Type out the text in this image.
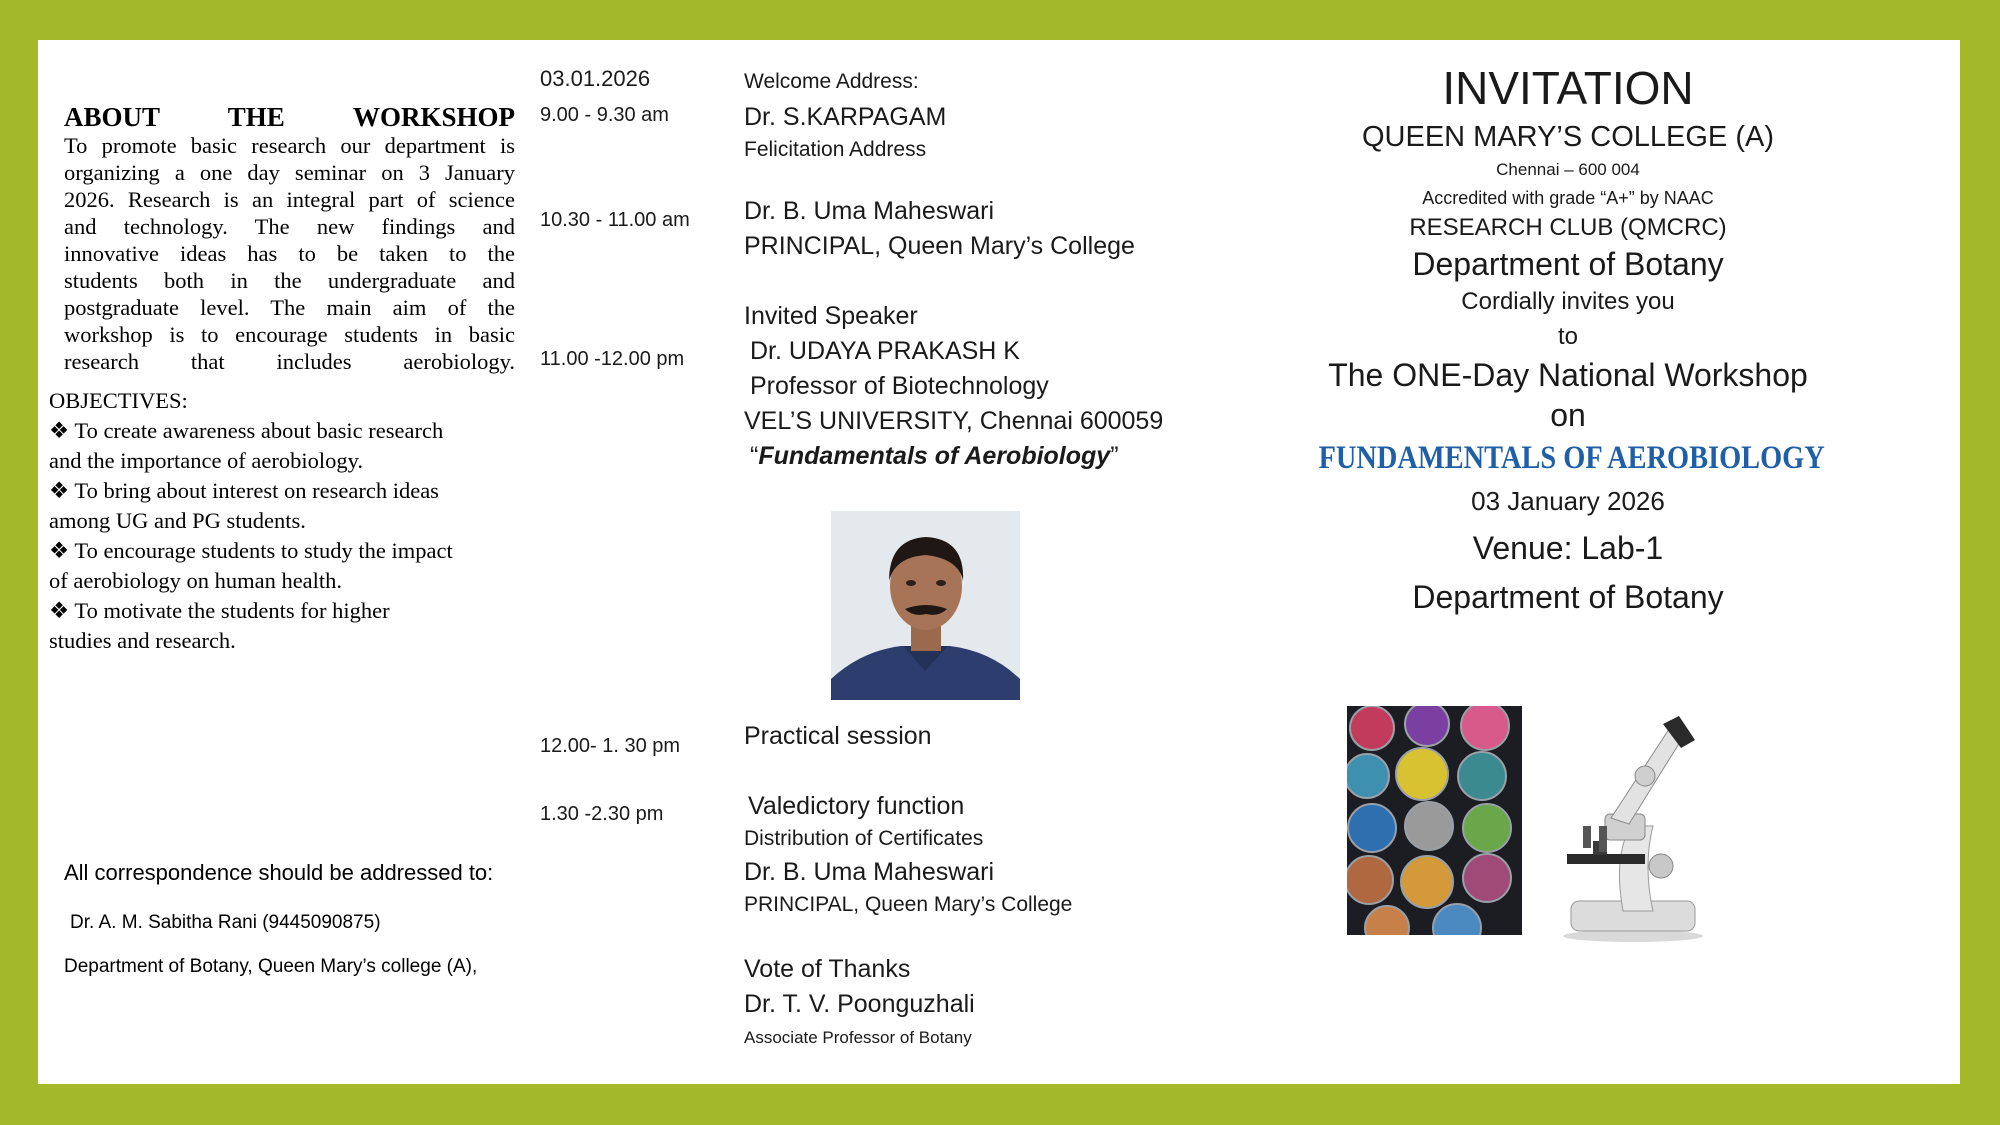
ABOUT THE WORKSHOP

To promote basic research our department is

organizing a one day seminar on 3 January

2026. Research is an integral part of science

and technology. The new findings and

innovative ideas has to be taken to the

students both in the undergraduate and

postgraduate level. The main aim of the

workshop is to encourage students in basic

research that includes aerobiology.

OBJECTIVES:

❖ To create awareness about basic research

and the importance of aerobiology.

❖ To bring about interest on research ideas

among UG and PG students.

❖ To encourage students to study the impact

of aerobiology on human health.

❖ To motivate the students for higher

studies and research.

All correspondence should be addressed to:
Dr. A. M. Sabitha Rani (9445090875)
Department of Botany, Queen Mary’s college (A),
03.01.2026
9.00 - 9.30 am
10.30 - 11.00 am
11.00 -12.00 pm
12.00- 1. 30 pm
1.30 -2.30 pm
Welcome Address:
Dr. S.KARPAGAM
Felicitation Address
Dr. B. Uma Maheswari
PRINCIPAL, Queen Mary’s College
Invited Speaker
Dr. UDAYA PRAKASH K
Professor of Biotechnology
VEL’S UNIVERSITY, Chennai 600059
“Fundamentals of Aerobiology”
Practical session
Valedictory function
Distribution of Certificates
Dr. B. Uma Maheswari
PRINCIPAL, Queen Mary’s College
Vote of Thanks
Dr. T. V. Poonguzhali
Associate Professor of Botany
INVITATION
QUEEN MARY’S COLLEGE (A)
Chennai – 600 004
Accredited with grade “A+” by NAAC
RESEARCH CLUB (QMCRC)
Department of Botany
Cordially invites you
to
The ONE-Day National Workshop
on
FUNDAMENTALS OF AEROBIOLOGY
03 January 2026
Venue: Lab-1
Department of Botany
